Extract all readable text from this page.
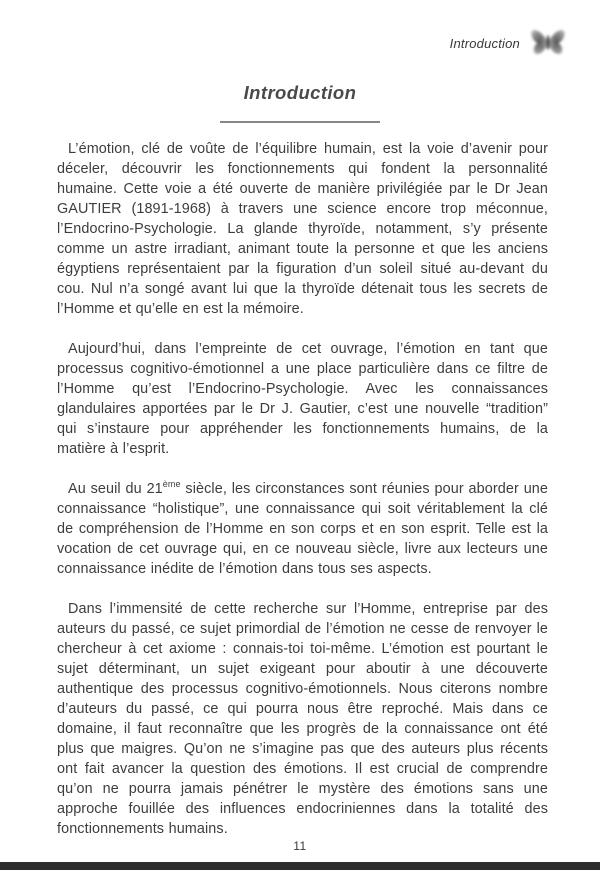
Introduction
Introduction

L’émotion, clé de voûte de l’équilibre humain, est la voie d’avenir pour déceler, découvrir les fonctionnements qui fondent la personnalité humaine. Cette voie a été ouverte de manière privilégiée par le Dr Jean GAUTIER (1891-1968) à travers une science encore trop méconnue, l’Endocrino-Psychologie. La glande thyroïde, notamment, s’y présente comme un astre irradiant, animant toute la personne et que les anciens égyptiens représentaient par la figuration d’un soleil situé au-devant du cou. Nul n’a songé avant lui que la thyroïde détenait tous les secrets de l’Homme et qu’elle en est la mémoire.

Aujourd’hui, dans l’empreinte de cet ouvrage, l’émotion en tant que processus cognitivo-émotionnel a une place particulière dans ce filtre de l’Homme qu’est l’Endocrino-Psychologie. Avec les connaissances glandulaires apportées par le Dr J. Gautier, c’est une nouvelle “tradition” qui s’instaure pour appréhender les fonctionnements humains, de la matière à l’esprit.

Au seuil du 21ème siècle, les circonstances sont réunies pour aborder une connaissance “holistique”, une connaissance qui soit véritablement la clé de compréhension de l’Homme en son corps et en son esprit. Telle est la vocation de cet ouvrage qui, en ce nouveau siècle, livre aux lecteurs une connaissance inédite de l’émotion dans tous ses aspects.

Dans l’immensité de cette recherche sur l’Homme, entreprise par des auteurs du passé, ce sujet primordial de l’émotion ne cesse de renvoyer le chercheur à cet axiome : connais-toi toi-même. L’émotion est pourtant le sujet déterminant, un sujet exigeant pour aboutir à une découverte authentique des processus cognitivo-émotionnels. Nous citerons nombre d’auteurs du passé, ce qui pourra nous être reproché. Mais dans ce domaine, il faut reconnaître que les progrès de la connaissance ont été plus que maigres. Qu’on ne s’imagine pas que des auteurs plus récents ont fait avancer la question des émotions. Il est crucial de comprendre qu’on ne pourra jamais pénétrer le mystère des émotions sans une approche fouillée des influences endocriniennes dans la totalité des fonctionnements humains.

11
